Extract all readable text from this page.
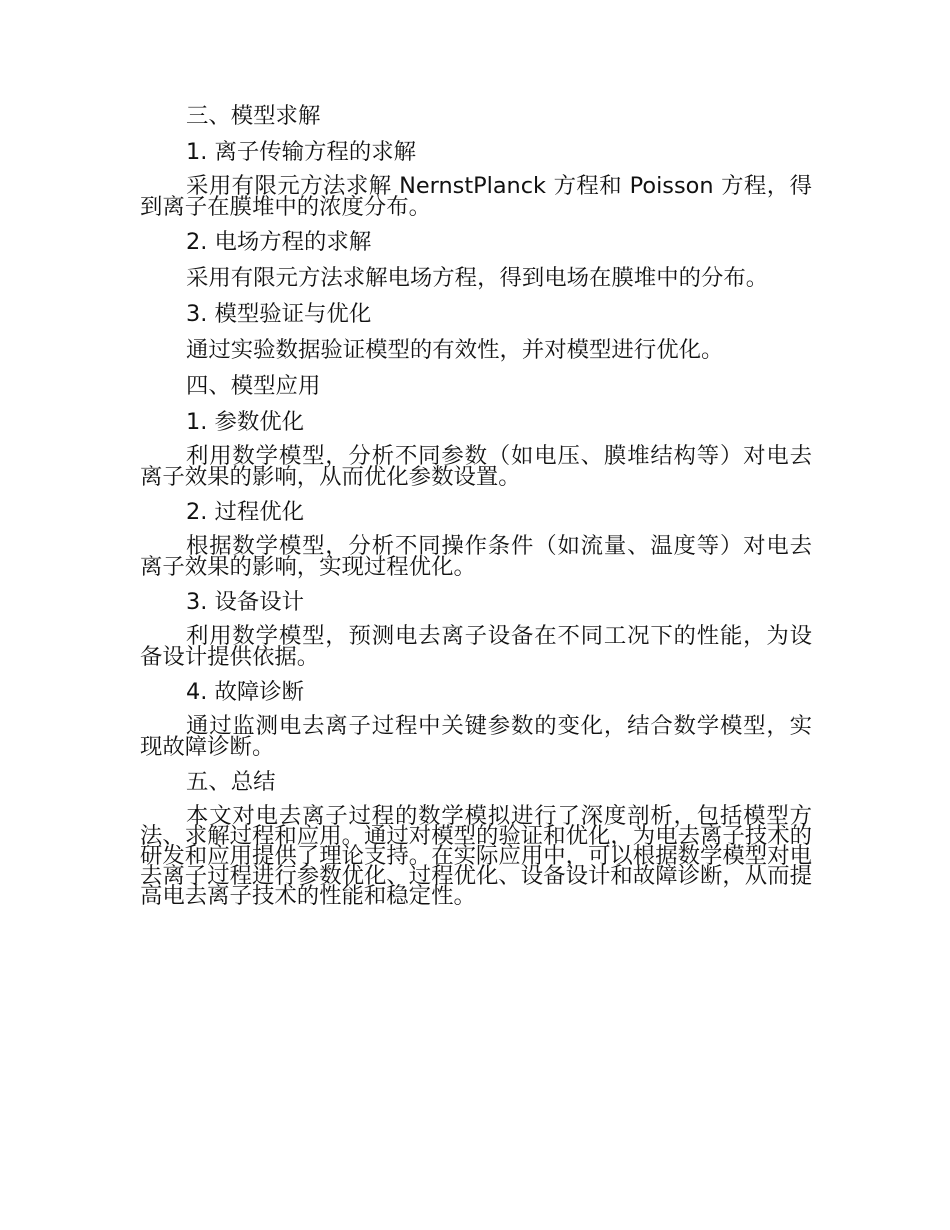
三、模型求解
1. 离子传输方程的求解
采用有限元方法求解 NernstPlanck 方程和 Poisson 方程，得到离子在膜堆中的浓度分布。
2. 电场方程的求解
采用有限元方法求解电场方程，得到电场在膜堆中的分布。
3. 模型验证与优化
通过实验数据验证模型的有效性，并对模型进行优化。
四、模型应用
1. 参数优化
利用数学模型，分析不同参数（如电压、膜堆结构等）对电去离子效果的影响，从而优化参数设置。
2. 过程优化
根据数学模型，分析不同操作条件（如流量、温度等）对电去离子效果的影响，实现过程优化。
3. 设备设计
利用数学模型，预测电去离子设备在不同工况下的性能，为设备设计提供依据。
4. 故障诊断
通过监测电去离子过程中关键参数的变化，结合数学模型，实现故障诊断。
五、总结
本文对电去离子过程的数学模拟进行了深度剖析，包括模型方法、求解过程和应用。通过对模型的验证和优化，为电去离子技术的研发和应用提供了理论支持。在实际应用中，可以根据数学模型对电去离子过程进行参数优化、过程优化、设备设计和故障诊断，从而提高电去离子技术的性能和稳定性。
